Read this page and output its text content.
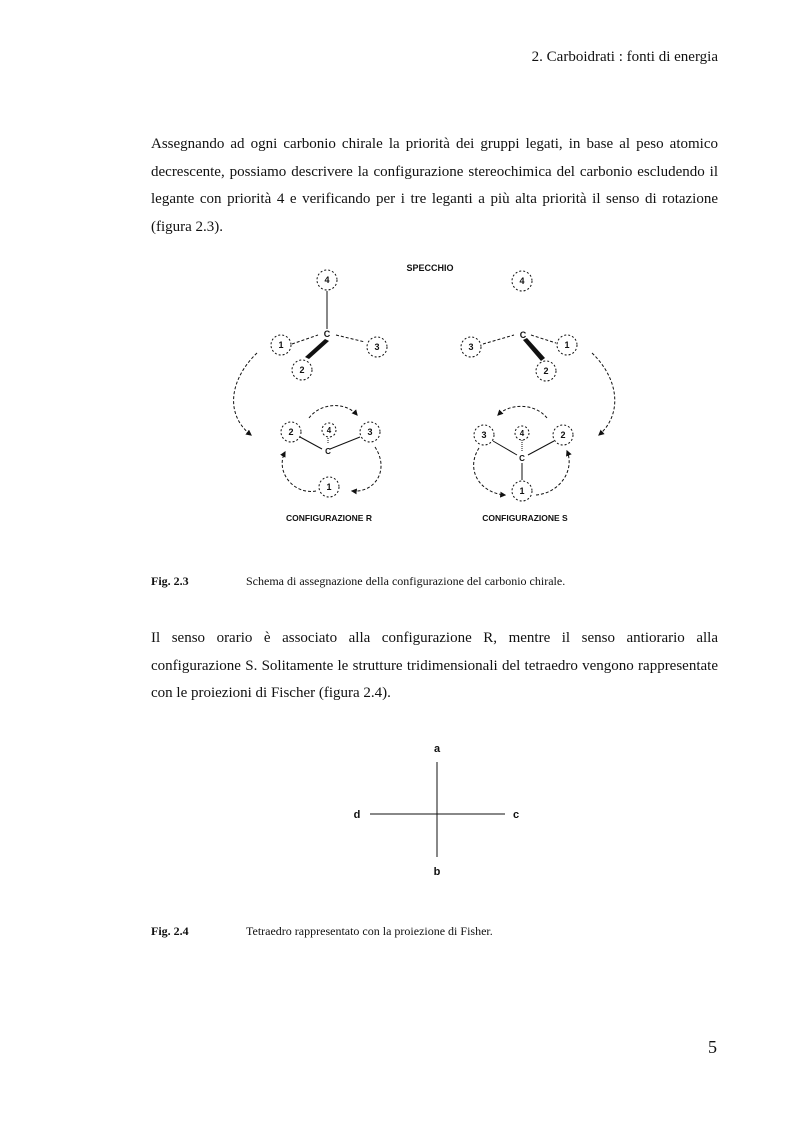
2. Carboidrati : fonti di energia

Assegnando ad ogni carbonio chirale la priorità dei gruppi legati, in base al peso atomico decrescente, possiamo descrivere la configurazione stereochimica del carbonio escludendo il legante con priorità 4 e verificando per i tre leganti a più alta priorità il senso di rotazione (figura 2.3).

SPECCHIO
4
C
1	3
2
2	3
4
C
1
CONFIGURAZIONE R
4
C
3	1
2
3	2
4
C
1
CONFIGURAZIONE S
Fig. 2.3	Schema di assegnazione della configurazione del carbonio chirale.

Il senso orario è associato alla configurazione R, mentre il senso antiorario alla configurazione S. Solitamente le strutture tridimensionali del tetraedro vengono rappresentate con le proiezioni di Fischer (figura 2.4).

a
b
c
d
Fig. 2.4	Tetraedro rappresentato con la proiezione di Fisher.
5
